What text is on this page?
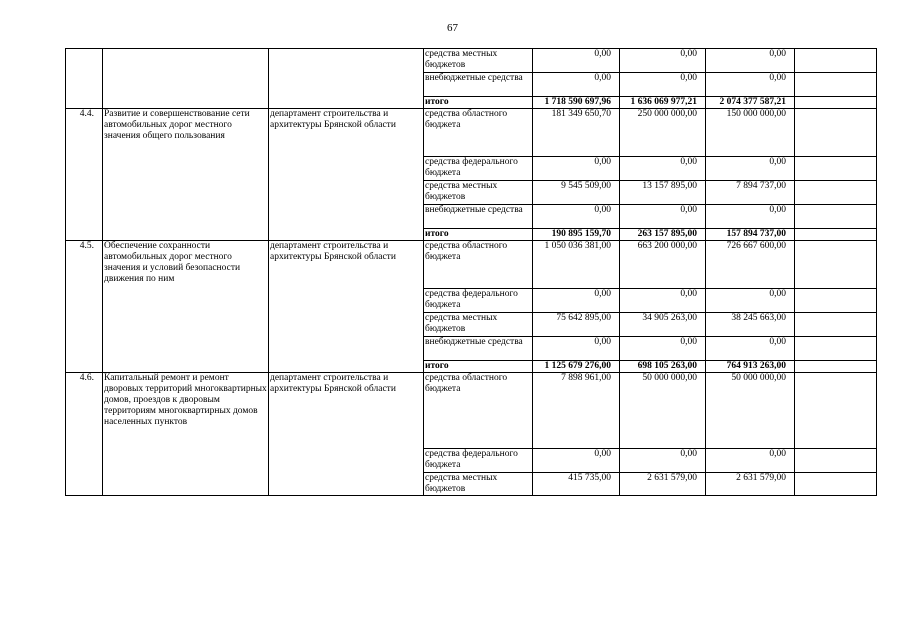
67
			средства местных бюджетов	0,00	0,00	0,00	
			внебюджетные средства	0,00	0,00	0,00	
			итого	1 718 590 697,96	1 636 069 977,21	2 074 377 587,21	
4.4.	Развитие и совершенствование сети автомобильных дорог местного значения общего пользования	департамент строительства и архитектуры Брянской области	средства областного бюджета	181 349 650,70	250 000 000,00	150 000 000,00	
			средства федерального бюджета	0,00	0,00	0,00	
			средства местных бюджетов	9 545 509,00	13 157 895,00	7 894 737,00	
			внебюджетные средства	0,00	0,00	0,00	
			итого	190 895 159,70	263 157 895,00	157 894 737,00	
4.5.	Обеспечение сохранности автомобильных дорог местного значения и условий безопасности движения по ним	департамент строительства и архитектуры Брянской области	средства областного бюджета	1 050 036 381,00	663 200 000,00	726 667 600,00	
			средства федерального бюджета	0,00	0,00	0,00	
			средства местных бюджетов	75 642 895,00	34 905 263,00	38 245 663,00	
			внебюджетные средства	0,00	0,00	0,00	
			итого	1 125 679 276,00	698 105 263,00	764 913 263,00	
4.6.	Капитальный ремонт и ремонт дворовых территорий многоквартирных домов, проездов к дворовым территориям многоквартирных домов населенных пунктов	департамент строительства и архитектуры Брянской области	средства областного бюджета	7 898 961,00	50 000 000,00	50 000 000,00	
			средства федерального бюджета	0,00	0,00	0,00	
			средства местных бюджетов	415 735,00	2 631 579,00	2 631 579,00	
